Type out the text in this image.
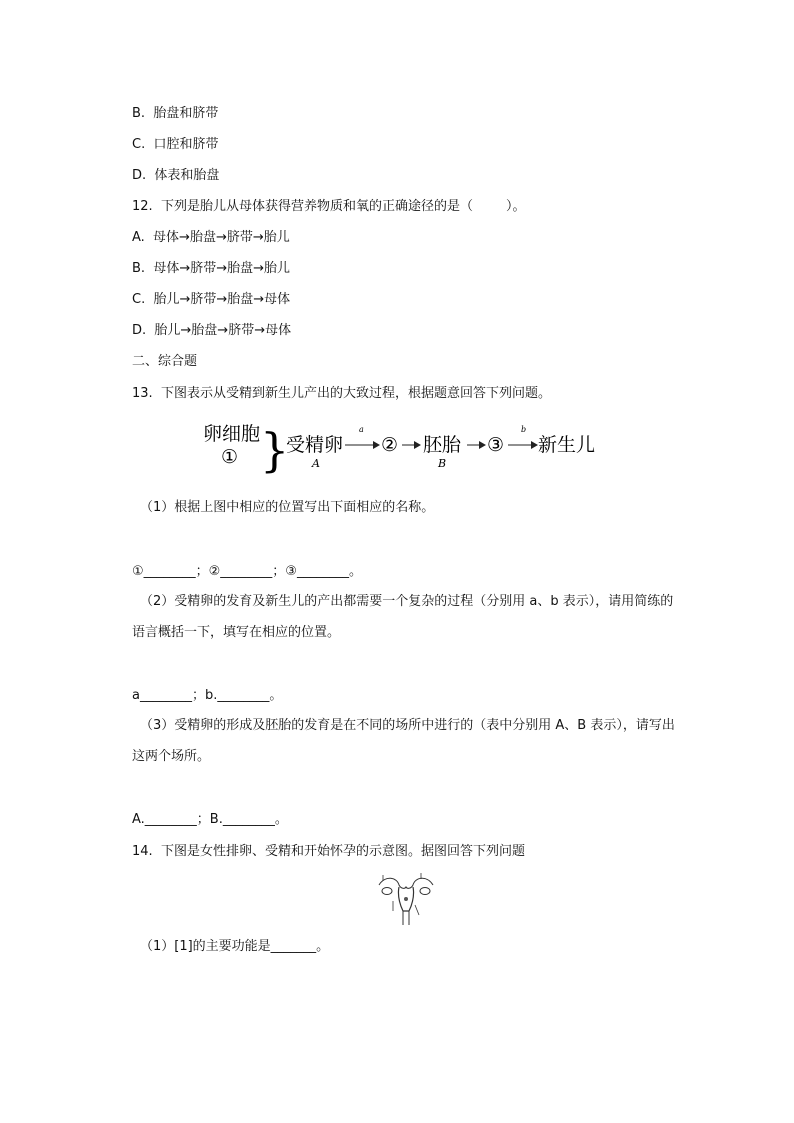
B.  胎盘和脐带
C.  口腔和脐带
D.  体表和胎盘
12.  下列是胎儿从母体获得营养物质和氧的正确途径的是（        ）。
A.  母体→胎盘→脐带→胎儿
B.  母体→脐带→胎盘→胎儿
C.  胎儿→脐带→胎盘→母体
D.  胎儿→胎盘→脐带→母体
二、综合题
13.  下图表示从受精到新生儿产出的大致过程，根据题意回答下列问题。
卵细胞
① }
受精卵
A
a
② 胚胎
B
③
b
新生儿
（1）根据上图中相应的位置写出下面相应的名称。
①________；②________；③________。
（2）受精卵的发育及新生儿的产出都需要一个复杂的过程（分别用 a、b 表示），请用简练的语言概括一下，填写在相应的位置。
a________；b.________。
（3）受精卵的形成及胚胎的发育是在不同的场所中进行的（表中分别用 A、B 表示），请写出这两个场所。
A.________；B.________。
14.  下图是女性排卵、受精和开始怀孕的示意图。据图回答下列问题
（1）[1]的主要功能是_______。
